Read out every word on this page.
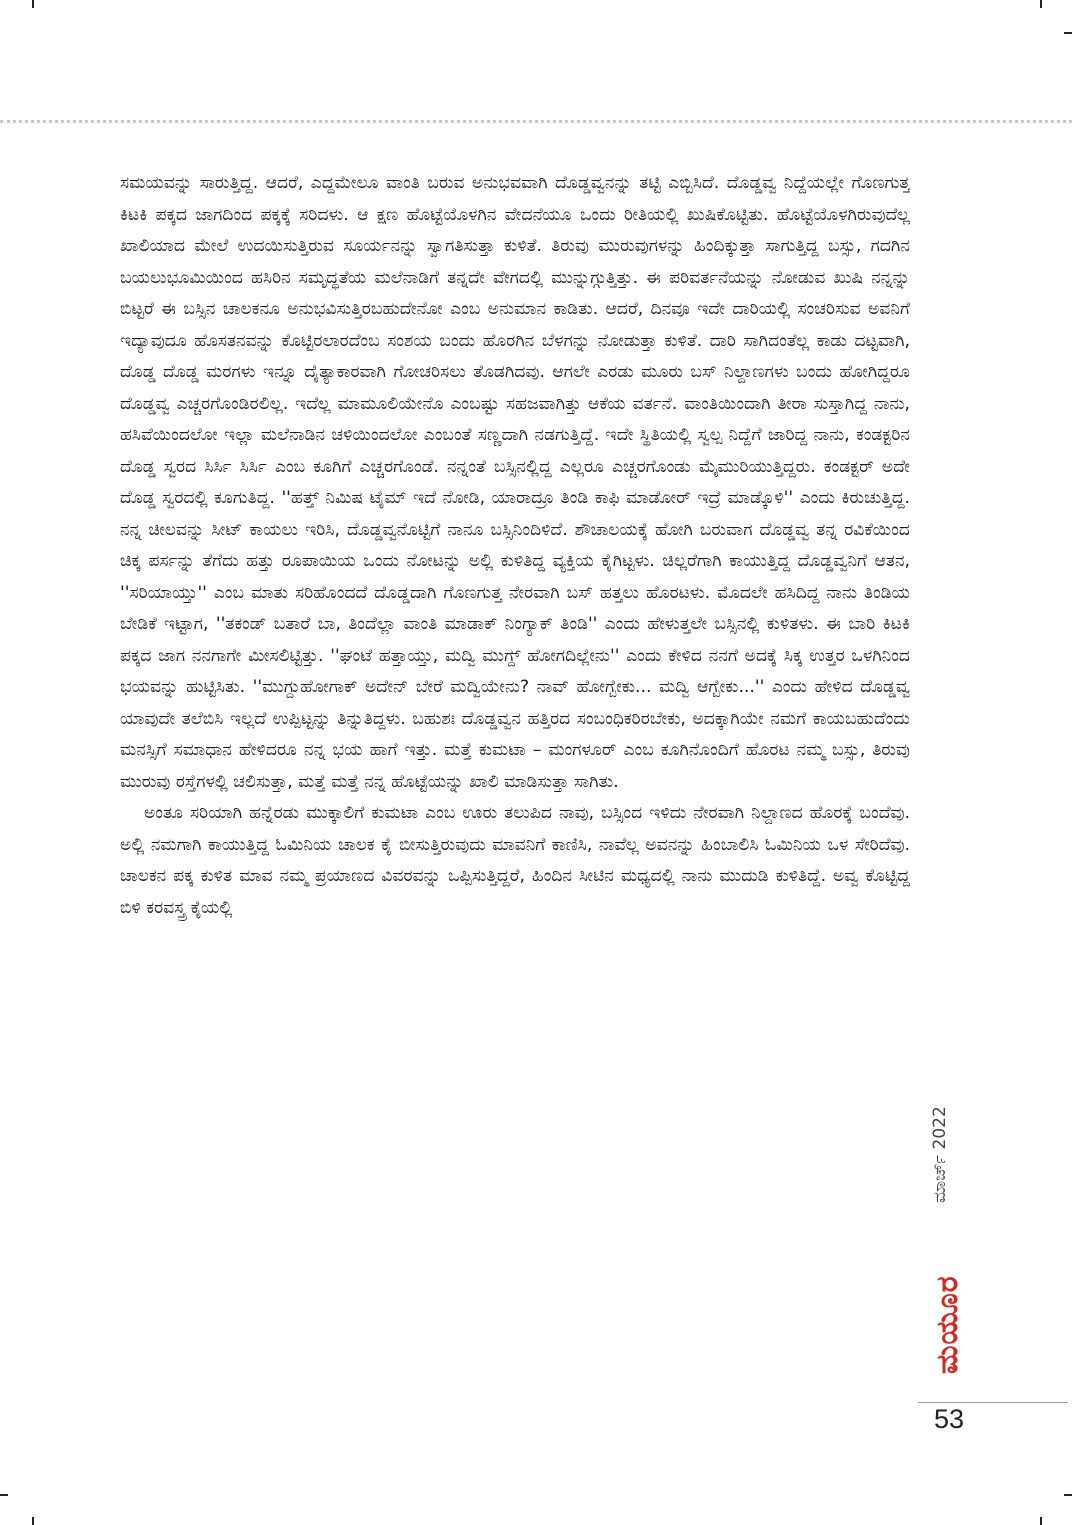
ಸಮಯವನ್ನು ಸಾರುತ್ತಿದ್ದ. ಆದರೆ, ಎದ್ದಮೇಲೂ ವಾಂತಿ ಬರುವ ಅನುಭವವಾಗಿ ದೊಡ್ಡವ್ವನನ್ನು ತಟ್ಟಿ ಎಬ್ಬಿಸಿದೆ. ದೊಡ್ಡವ್ವ ನಿದ್ದೆಯಲ್ಲೇ ಗೊಣಗುತ್ತ ಕಿಟಕಿ ಪಕ್ಕದ ಜಾಗದಿಂದ ಪಕ್ಕಕ್ಕೆ ಸರಿದಳು. ಆ ಕ್ಷಣ ಹೊಟ್ಟೆಯೊಳಗಿನ ವೇದನೆಯೂ ಒಂದು ರೀತಿಯಲ್ಲಿ ಖುಷಿಕೊಟ್ಟಿತು. ಹೊಟ್ಟೆಯೊಳಗಿರುವುದೆಲ್ಲ ಖಾಲಿಯಾದ ಮೇಲೆ ಉದಯಿಸುತ್ತಿರುವ ಸೂರ್ಯನನ್ನು ಸ್ವಾಗತಿಸುತ್ತಾ ಕುಳಿತೆ. ತಿರುವು ಮುರುವುಗಳನ್ನು ಹಿಂದಿಕ್ಕುತ್ತಾ ಸಾಗುತ್ತಿದ್ದ ಬಸ್ಸು, ಗದಗಿನ ಬಯಲುಭೂಮಿಯಿಂದ ಹಸಿರಿನ ಸಮೃದ್ಧತೆಯ ಮಲೆನಾಡಿಗೆ ತನ್ನದೇ ವೇಗದಲ್ಲಿ ಮುನ್ನುಗ್ಗುತ್ತಿತ್ತು. ಈ ಪರಿವರ್ತನೆಯನ್ನು ನೋಡುವ ಖುಷಿ ನನ್ನನ್ನು ಬಿಟ್ಟರೆ ಈ ಬಸ್ಸಿನ ಚಾಲಕನೂ ಅನುಭವಿಸುತ್ತಿರಬಹುದೇನೋ ಎಂಬ ಅನುಮಾನ ಕಾಡಿತು. ಆದರೆ, ದಿನವೂ ಇದೇ ದಾರಿಯಲ್ಲಿ ಸಂಚರಿಸುವ ಅವನಿಗೆ ಇದ್ಯಾವುದೂ ಹೊಸತನವನ್ನು ಕೊಟ್ಟಿರಲಾರದೆಂಬ ಸಂಶಯ ಬಂದು ಹೊರಗಿನ ಬೆಳಗನ್ನು ನೋಡುತ್ತಾ ಕುಳಿತೆ. ದಾರಿ ಸಾಗಿದಂತೆಲ್ಲ ಕಾಡು ದಟ್ಟವಾಗಿ, ದೊಡ್ಡ ದೊಡ್ಡ ಮರಗಳು ಇನ್ನೂ ದೈತ್ಯಾಕಾರವಾಗಿ ಗೋಚರಿಸಲು ತೊಡಗಿದವು. ಆಗಲೇ ಎರಡು ಮೂರು ಬಸ್ ನಿಲ್ದಾಣಗಳು ಬಂದು ಹೋಗಿದ್ದರೂ ದೊಡ್ಡವ್ವ ಎಚ್ಚರಗೊಂಡಿರಲಿಲ್ಲ. ಇದೆಲ್ಲ ಮಾಮೂಲಿಯೇನೊ ಎಂಬಷ್ಟು ಸಹಜವಾಗಿತ್ತು ಆಕೆಯ ವರ್ತನೆ. ವಾಂತಿಯಿಂದಾಗಿ ತೀರಾ ಸುಸ್ತಾಗಿದ್ದ ನಾನು, ಹಸಿವೆಯಿಂದಲೋ ಇಲ್ಲಾ ಮಲೆನಾಡಿನ ಚಳಿಯಿಂದಲೋ ಎಂಬಂತೆ ಸಣ್ಣದಾಗಿ ನಡಗುತ್ತಿದ್ದೆ. ಇದೇ ಸ್ಥಿತಿಯಲ್ಲಿ ಸ್ವಲ್ಪ ನಿದ್ದೆಗೆ ಜಾರಿದ್ದ ನಾನು, ಕಂಡಕ್ಟರಿನ ದೊಡ್ಡ ಸ್ವರದ ಸಿರ್ಸಿ ಸಿರ್ಸಿ ಎಂಬ ಕೂಗಿಗೆ ಎಚ್ಚರಗೊಂಡೆ. ನನ್ನಂತೆ ಬಸ್ಸಿನಲ್ಲಿದ್ದ ಎಲ್ಲರೂ ಎಚ್ಚರಗೊಂಡು ಮೈಮುರಿಯುತ್ತಿದ್ದರು. ಕಂಡಕ್ಟರ್ ಅದೇ ದೊಡ್ಡ ಸ್ವರದಲ್ಲಿ ಕೂಗುತಿದ್ದ. ''ಹತ್ತ್ ನಿಮಿಷ ಟೈಮ್ ಇದೆ ನೋಡಿ, ಯಾರಾದ್ರೂ ತಿಂಡಿ ಕಾಫಿ ಮಾಡೋರ್ ಇದ್ರೆ ಮಾಡ್ಕೊಳಿ'' ಎಂದು ಕಿರುಚುತ್ತಿದ್ದ. ನನ್ನ ಚೀಲವನ್ನು ಸೀಟ್ ಕಾಯಲು ಇರಿಸಿ, ದೊಡ್ಡವ್ವನೊಟ್ಟಿಗೆ ನಾನೂ ಬಸ್ಸಿನಿಂದಿಳಿದೆ. ಶೌಚಾಲಯಕ್ಕೆ ಹೋಗಿ ಬರುವಾಗ ದೊಡ್ಡವ್ವ ತನ್ನ ರವಿಕೆಯಿಂದ ಚಿಕ್ಕ ಪರ್ಸನ್ನು ತೆಗೆದು ಹತ್ತು ರೂಪಾಯಿಯ ಒಂದು ನೋಟನ್ನು ಅಲ್ಲಿ ಕುಳಿತಿದ್ದ ವ್ಯಕ್ತಿಯ ಕೈಗಿಟ್ಟಳು. ಚಿಲ್ಲರೆಗಾಗಿ ಕಾಯುತ್ತಿದ್ದ ದೊಡ್ಡವ್ವನಿಗೆ ಆತನ, ''ಸರಿಯಾಯ್ತು'' ಎಂಬ ಮಾತು ಸರಿಹೊಂದದೆ ದೊಡ್ಡದಾಗಿ ಗೊಣಗುತ್ತ ನೇರವಾಗಿ ಬಸ್ ಹತ್ತಲು ಹೊರಟಳು. ಮೊದಲೇ ಹಸಿದಿದ್ದ ನಾನು ತಿಂಡಿಯ ಬೇಡಿಕೆ ಇಟ್ಟಾಗ, ''ತಕಂಡ್ ಬತಾರೆ ಬಾ, ತಿಂದೆಲ್ಲಾ ವಾಂತಿ ಮಾಡಾಕ್ ನಿಂಗ್ಯಾಕ್ ತಿಂಡಿ'' ಎಂದು ಹೇಳುತ್ತಲೇ ಬಸ್ಸಿನಲ್ಲಿ ಕುಳಿತಳು. ಈ ಬಾರಿ ಕಿಟಕಿ ಪಕ್ಕದ ಜಾಗ ನನಗಾಗೇ ಮೀಸಲಿಟ್ಟಿತ್ತು. ''ಘಂಟೆ ಹತ್ತಾಯ್ತು, ಮದ್ವಿ ಮುಗ್ದ್ ಹೋಗದಿಲ್ಲೇನು'' ಎಂದು ಕೇಳಿದ ನನಗೆ ಅದಕ್ಕೆ ಸಿಕ್ಕ ಉತ್ತರ ಒಳಗಿನಿಂದ ಭಯವನ್ನು ಹುಟ್ಟಿಸಿತು. ''ಮುಗ್ದುಹೋಗಾಕ್ ಅದೇನ್ ಬೇರೆ ಮದ್ವಿಯೇನು? ನಾವ್ ಹೋಗ್ಬೇಕು... ಮದ್ವಿ ಆಗ್ಬೇಕು...'' ಎಂದು ಹೇಳಿದ ದೊಡ್ಡವ್ವ ಯಾವುದೇ ತಲೆಬಿಸಿ ಇಲ್ಲದೆ ಉಪ್ಪಿಟ್ಟನ್ನು ತಿನ್ನುತಿದ್ದಳು. ಬಹುಶಃ ದೊಡ್ಡವ್ವನ ಹತ್ತಿರದ ಸಂಬಂಧಿಕರಿರಬೇಕು, ಅದಕ್ಕಾಗಿಯೇ ನಮಗೆ ಕಾಯಬಹುದೆಂದು ಮನಸ್ಸಿಗೆ ಸಮಾಧಾನ ಹೇಳಿದರೂ ನನ್ನ ಭಯ ಹಾಗೆ ಇತ್ತು. ಮತ್ತೆ ಕುಮಟಾ – ಮಂಗಳೂರ್ ಎಂಬ ಕೂಗಿನೊಂದಿಗೆ ಹೊರಟ ನಮ್ಮ ಬಸ್ಸು, ತಿರುವು ಮುರುವು ರಸ್ತೆಗಳಲ್ಲಿ ಚಲಿಸುತ್ತಾ, ಮತ್ತೆ ಮತ್ತೆ ನನ್ನ ಹೊಟ್ಟೆಯನ್ನು ಖಾಲಿ ಮಾಡಿಸುತ್ತಾ ಸಾಗಿತು.

ಅಂತೂ ಸರಿಯಾಗಿ ಹನ್ನೆರಡು ಮುಕ್ಕಾಲಿಗೆ ಕುಮಟಾ ಎಂಬ ಊರು ತಲುಪಿದ ನಾವು, ಬಸ್ಸಿಂದ ಇಳಿದು ನೇರವಾಗಿ ನಿಲ್ದಾಣದ ಹೊರಕ್ಕೆ ಬಂದೆವು. ಅಲ್ಲಿ ನಮಗಾಗಿ ಕಾಯುತ್ತಿದ್ದ ಓಮಿನಿಯ ಚಾಲಕ ಕೈ ಬೀಸುತ್ತಿರುವುದು ಮಾವನಿಗೆ ಕಾಣಿಸಿ, ನಾವೆಲ್ಲ ಅವನನ್ನು ಹಿಂಬಾಲಿಸಿ ಓಮಿನಿಯ ಒಳ ಸೇರಿದೆವು. ಚಾಲಕನ ಪಕ್ಕ ಕುಳಿತ ಮಾವ ನಮ್ಮ ಪ್ರಯಾಣದ ವಿವರವನ್ನು ಒಪ್ಪಿಸುತ್ತಿದ್ದರೆ, ಹಿಂದಿನ ಸೀಟಿನ ಮಧ್ಯದಲ್ಲಿ ನಾನು ಮುದುಡಿ ಕುಳಿತಿದ್ದೆ. ಅವ್ವ ಕೊಟ್ಟಿದ್ದ ಬಿಳಿ ಕರವಸ್ತ್ರ ಕೈಯಲ್ಲಿ

ಮಾರ್ಚ್ 2022
ಮಯೂರ
53
